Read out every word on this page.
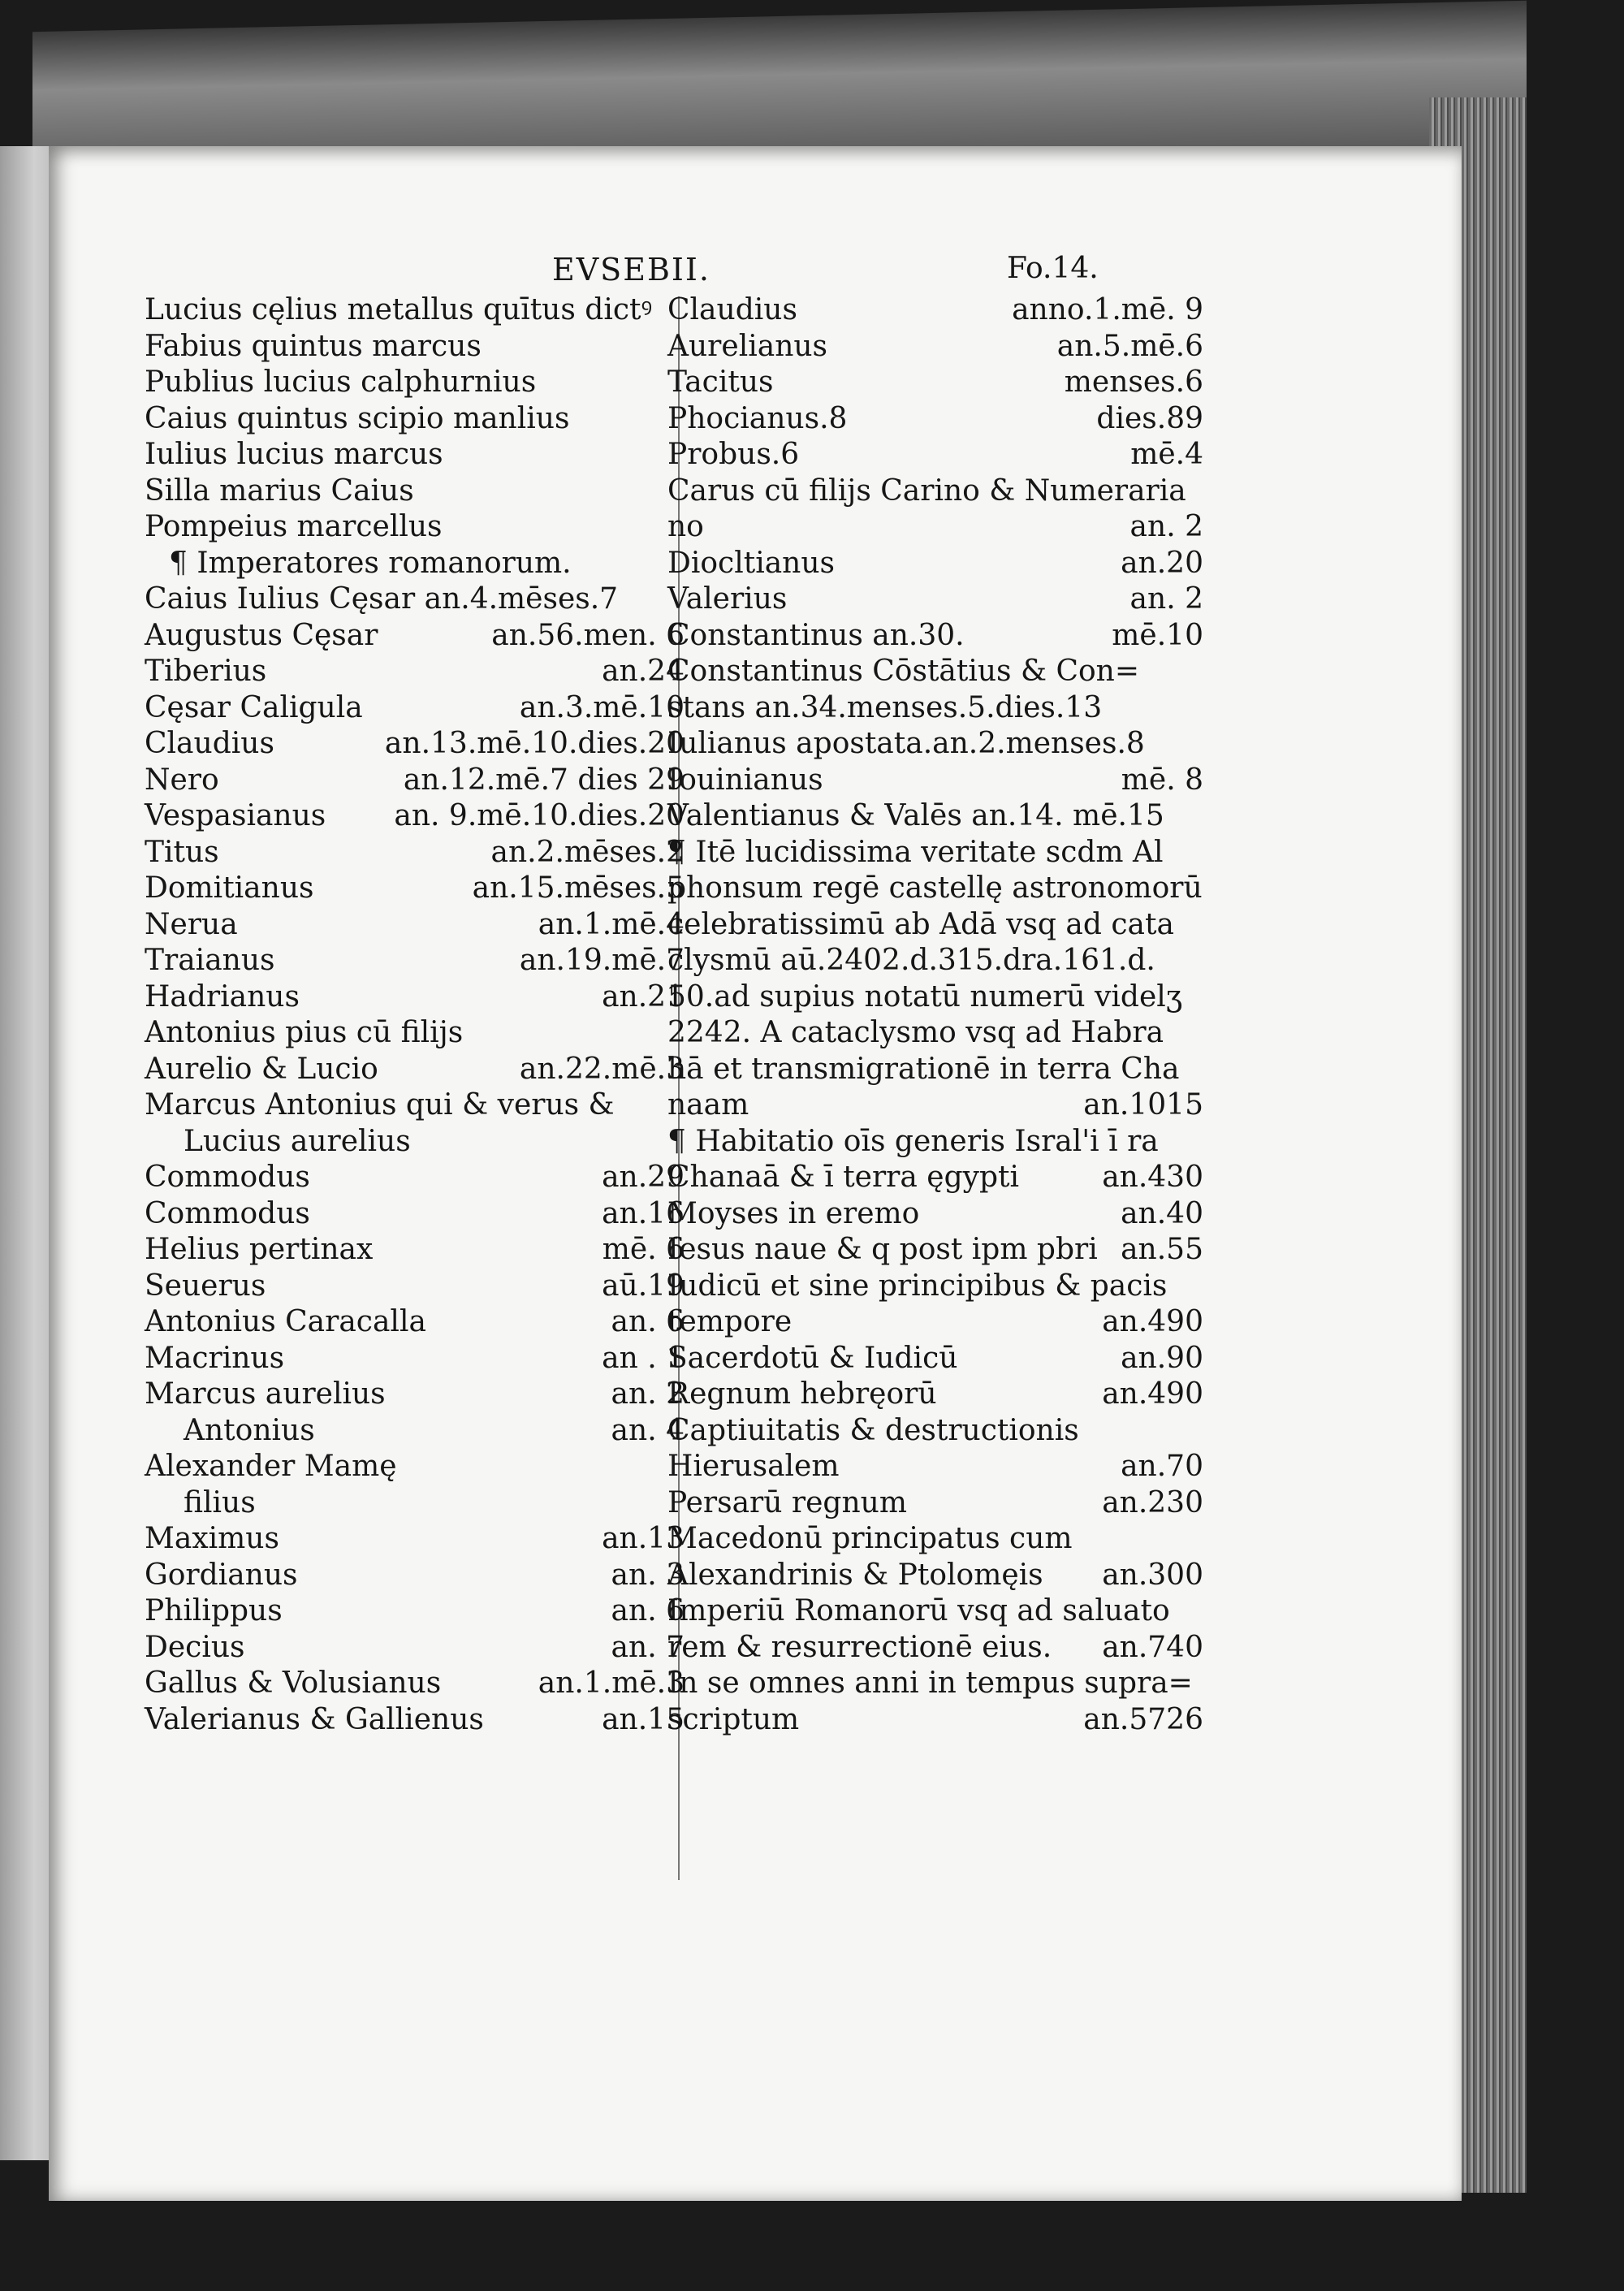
EVSEBII.	Fo.14.
Lucius cęlius metallus quītus dictꝰ
Fabius quintus marcus
Publius lucius calphurnius
Caius quintus scipio manlius
Iulius lucius marcus
Silla marius Caius
Pompeius marcellus
¶ Imperatores romanorum.
Caius Iulius Cęsar an.4.mēses.7
Augustus Cęsar	an.56.men. 6
Tiberius	an.24
Cęsar Caligula	an.3.mē.10
Claudius	an.13.mē.10.dies.20
Nero	an.12.mē.7 dies 29
Vespasianus an. 9.mē.10.dies.20
Titus	an.2.mēses.2
Domitianus	an.15.mēses.5
Nerua	an.1.mē.4
Traianus	an.19.mē.7
Hadrianus	an.21
Antonius pius cū filijs
Aurelio & Lucio	an.22.mē.3
Marcus Antonius qui & verus &
Lucius aurelius
Commodus	an.29
Commodus	an.16
Helius pertinax	mē. 6
Seuerus	aū.19
Antonius Caracalla	an. 6
Macrinus	an . 1
Marcus aurelius	an. 2
Antonius	an. 4
Alexander Mamę
filius
Maximus	an.13
Gordianus	an. 3
Philippus	an. 6
Decius	an. 7
Gallus & Volusianus	an.1.mē.3
Valerianus & Gallienus	an.15
Claudius	anno.1.mē. 9
Aurelianus	an.5.mē.6
Tacitus	menses.6
Phocianus.8	dies.89
Probus.6	mē.4
Carus cū filijs Carino & Numeraria
no	an. 2
Diocltianus	an.20
Valerius	an. 2
Constantinus an.30.	mē.10
Constantinus Cōstātius & Con=
stans an.34.menses.5.dies.13
Iulianus apostata.an.2.menses.8
Iouinianus	mē. 8
Valentianus & Valēs an.14. mē.15
¶ Itē lucidissima veritate scdm Al
phonsum regē castellę astronomorū
celebratissimū ab Adā vsq ad cata
clysmū aū.2402.d.315.dra.161.d.
50.ad supius notatū numerū videlʒ
2242. A cataclysmo vsq ad Habra
hā et transmigrationē in terra Cha
naam	an.1015
¶ Habitatio oīs generis Isral'i ī ra
Chanaā & ī terra ęgypti	an.430
Moyses in eremo	an.40
Iesus naue & q post ipm pbri an.55
Iudicū et sine principibus & pacis
tempore	an.490
Sacerdotū & Iudicū	an.90
Regnum hebręorū	an.490
Captiuitatis & destructionis
Hierusalem	an.70
Persarū regnum	an.230
Macedonū principatus cum
Alexandrinis & Ptolomęis an.300
Imperiū Romanorū vsq ad saluato
rem & resurrectionē eius. an.740
In se omnes anni in tempus supra=
scriptum	an.5726
